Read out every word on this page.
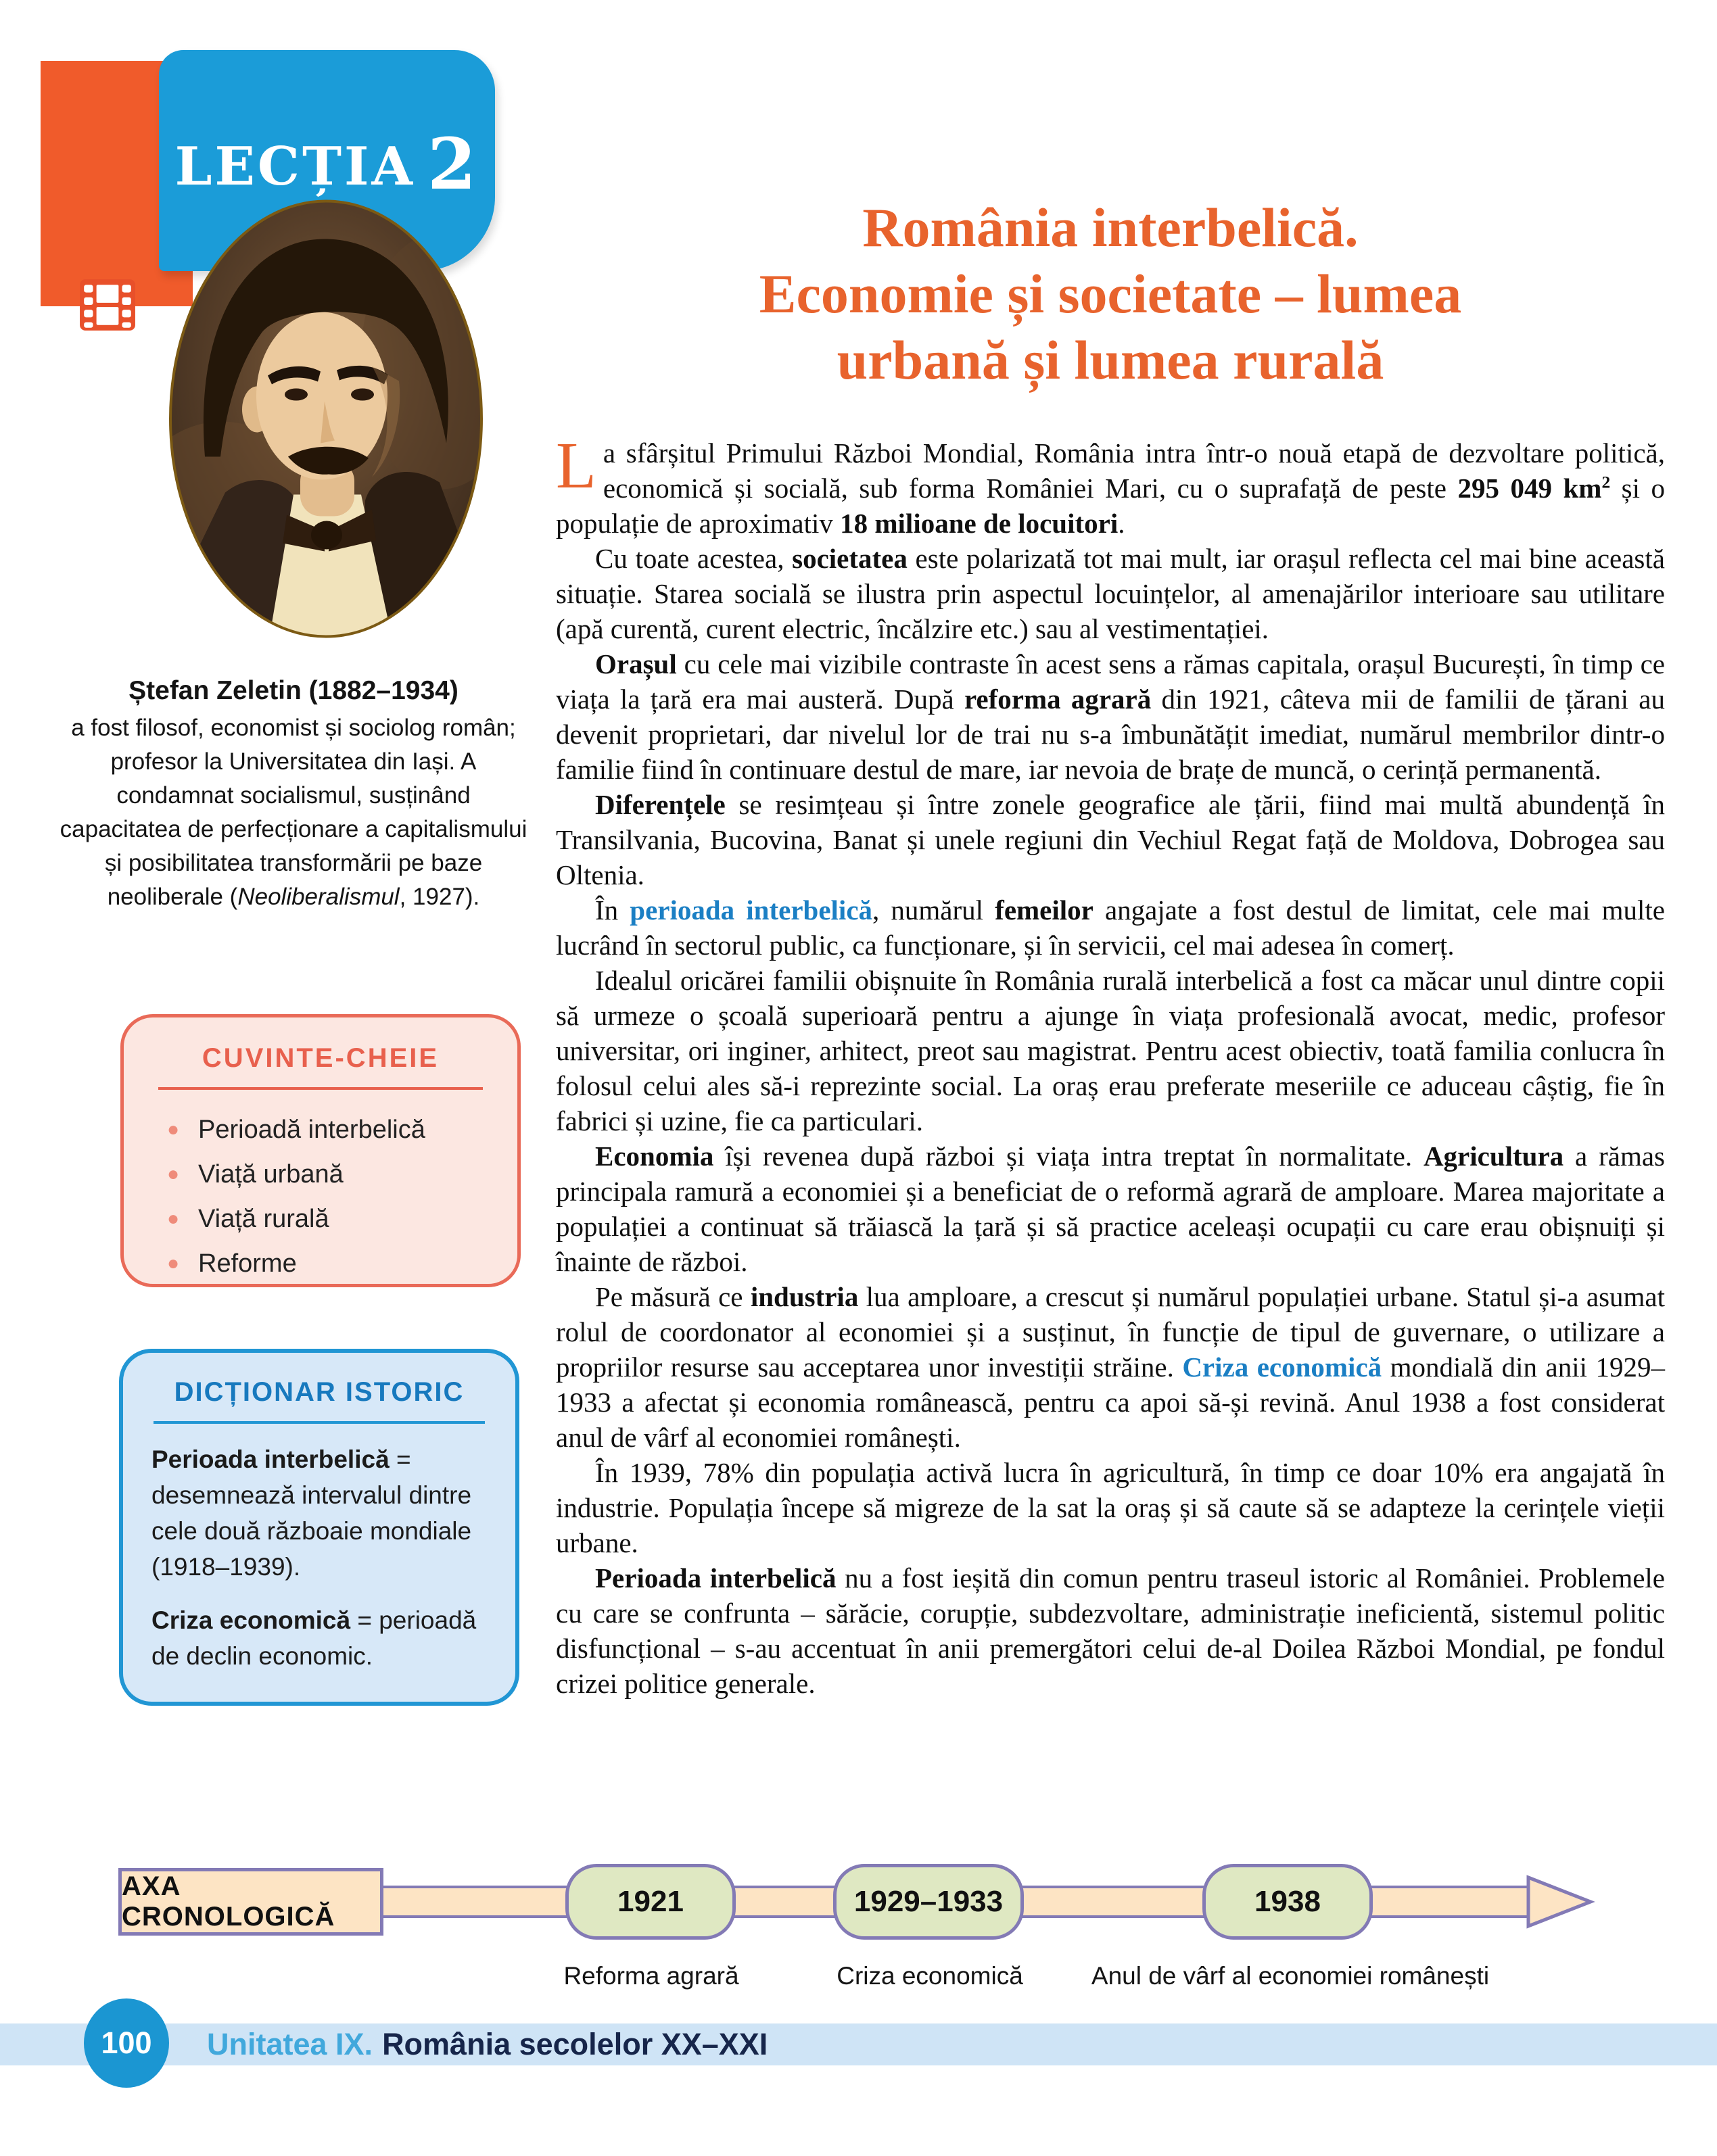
LECȚIA 2
Ștefan Zeletin (1882–1934)
a fost filosof, economist și sociolog român; profesor la Universitatea din Iași. A condamnat socialismul, susținând capacitatea de perfecționare a capitalismului și posibilitatea transformării pe baze neoliberale (Neoliberalismul, 1927).
CUVINTE-CHEIE
● Perioadă interbelică
● Viață urbană
● Viață rurală
● Reforme
DICȚIONAR ISTORIC

Perioada interbelică = desemnează intervalul dintre cele două războaie mondiale (1918–1939).

Criza economică = perioadă de declin economic.

România interbelică.
Economie și societate – lumea
urbană și lumea rurală

La sfârșitul Primului Război Mondial, România intra într-o nouă etapă de dezvoltare politică, economică și socială, sub forma României Mari, cu o suprafață de peste 295 049 $km^2$ și o populație de aproximativ 18 milioane de locuitori.

Cu toate acestea, societatea este polarizată tot mai mult, iar orașul reflecta cel mai bine această situație. Starea socială se ilustra prin aspectul locuințelor, al amenajărilor interioare sau utilitare (apă curentă, curent electric, încălzire etc.) sau al vestimentației.

Orașul cu cele mai vizibile contraste în acest sens a rămas capitala, orașul București, în timp ce viața la țară era mai austeră. După reforma agrară din 1921, câteva mii de familii de țărani au devenit proprietari, dar nivelul lor de trai nu s-a îmbunătățit imediat, numărul membrilor dintr-o familie fiind în continuare destul de mare, iar nevoia de brațe de muncă, o cerință permanentă.

Diferențele se resimțeau și între zonele geografice ale țării, fiind mai multă abundență în Transilvania, Bucovina, Banat și unele regiuni din Vechiul Regat față de Moldova, Dobrogea sau Oltenia.

În perioada interbelică, numărul femeilor angajate a fost destul de limitat, cele mai multe lucrând în sectorul public, ca funcționare, și în servicii, cel mai adesea în comerț.

Idealul oricărei familii obișnuite în România rurală interbelică a fost ca măcar unul dintre copii să urmeze o școală superioară pentru a ajunge în viața profesională avocat, medic, profesor universitar, ori inginer, arhitect, preot sau magistrat. Pentru acest obiectiv, toată familia conlucra în folosul celui ales să-i reprezinte social. La oraș erau preferate meseriile ce aduceau câștig, fie în fabrici și uzine, fie ca particulari.

Economia își revenea după război și viața intra treptat în normalitate. Agricultura a rămas principala ramură a economiei și a beneficiat de o reformă agrară de amploare. Marea majoritate a populației a continuat să trăiască la țară și să practice aceleași ocupații cu care erau obișnuiți și înainte de război.

Pe măsură ce industria lua amploare, a crescut și numărul populației urbane. Statul și-a asumat rolul de coordonator al economiei și a susținut, în funcție de tipul de guvernare, o utilizare a propriilor resurse sau acceptarea unor investiții străine. Criza economică mondială din anii 1929–1933 a afectat și economia românească, pentru ca apoi să-și revină. Anul 1938 a fost considerat anul de vârf al economiei românești.

În 1939, 78% din populația activă lucra în agricultură, în timp ce doar 10% era angajată în industrie. Populația începe să migreze de la sat la oraș și să caute să se adapteze la cerințele vieții urbane.

Perioada interbelică nu a fost ieșită din comun pentru traseul istoric al României. Problemele cu care se confrunta – sărăcie, corupție, subdezvoltare, administrație ineficientă, sistemul politic disfuncțional – s-au accentuat în anii premergători celui de-al Doilea Război Mondial, pe fondul crizei politice generale.

AXA CRONOLOGICĂ	1921	1929–1933	1938
Reforma agrară	Criza economică	Anul de vârf al economiei românești
100	Unitatea IX. România secolelor XX–XXI
